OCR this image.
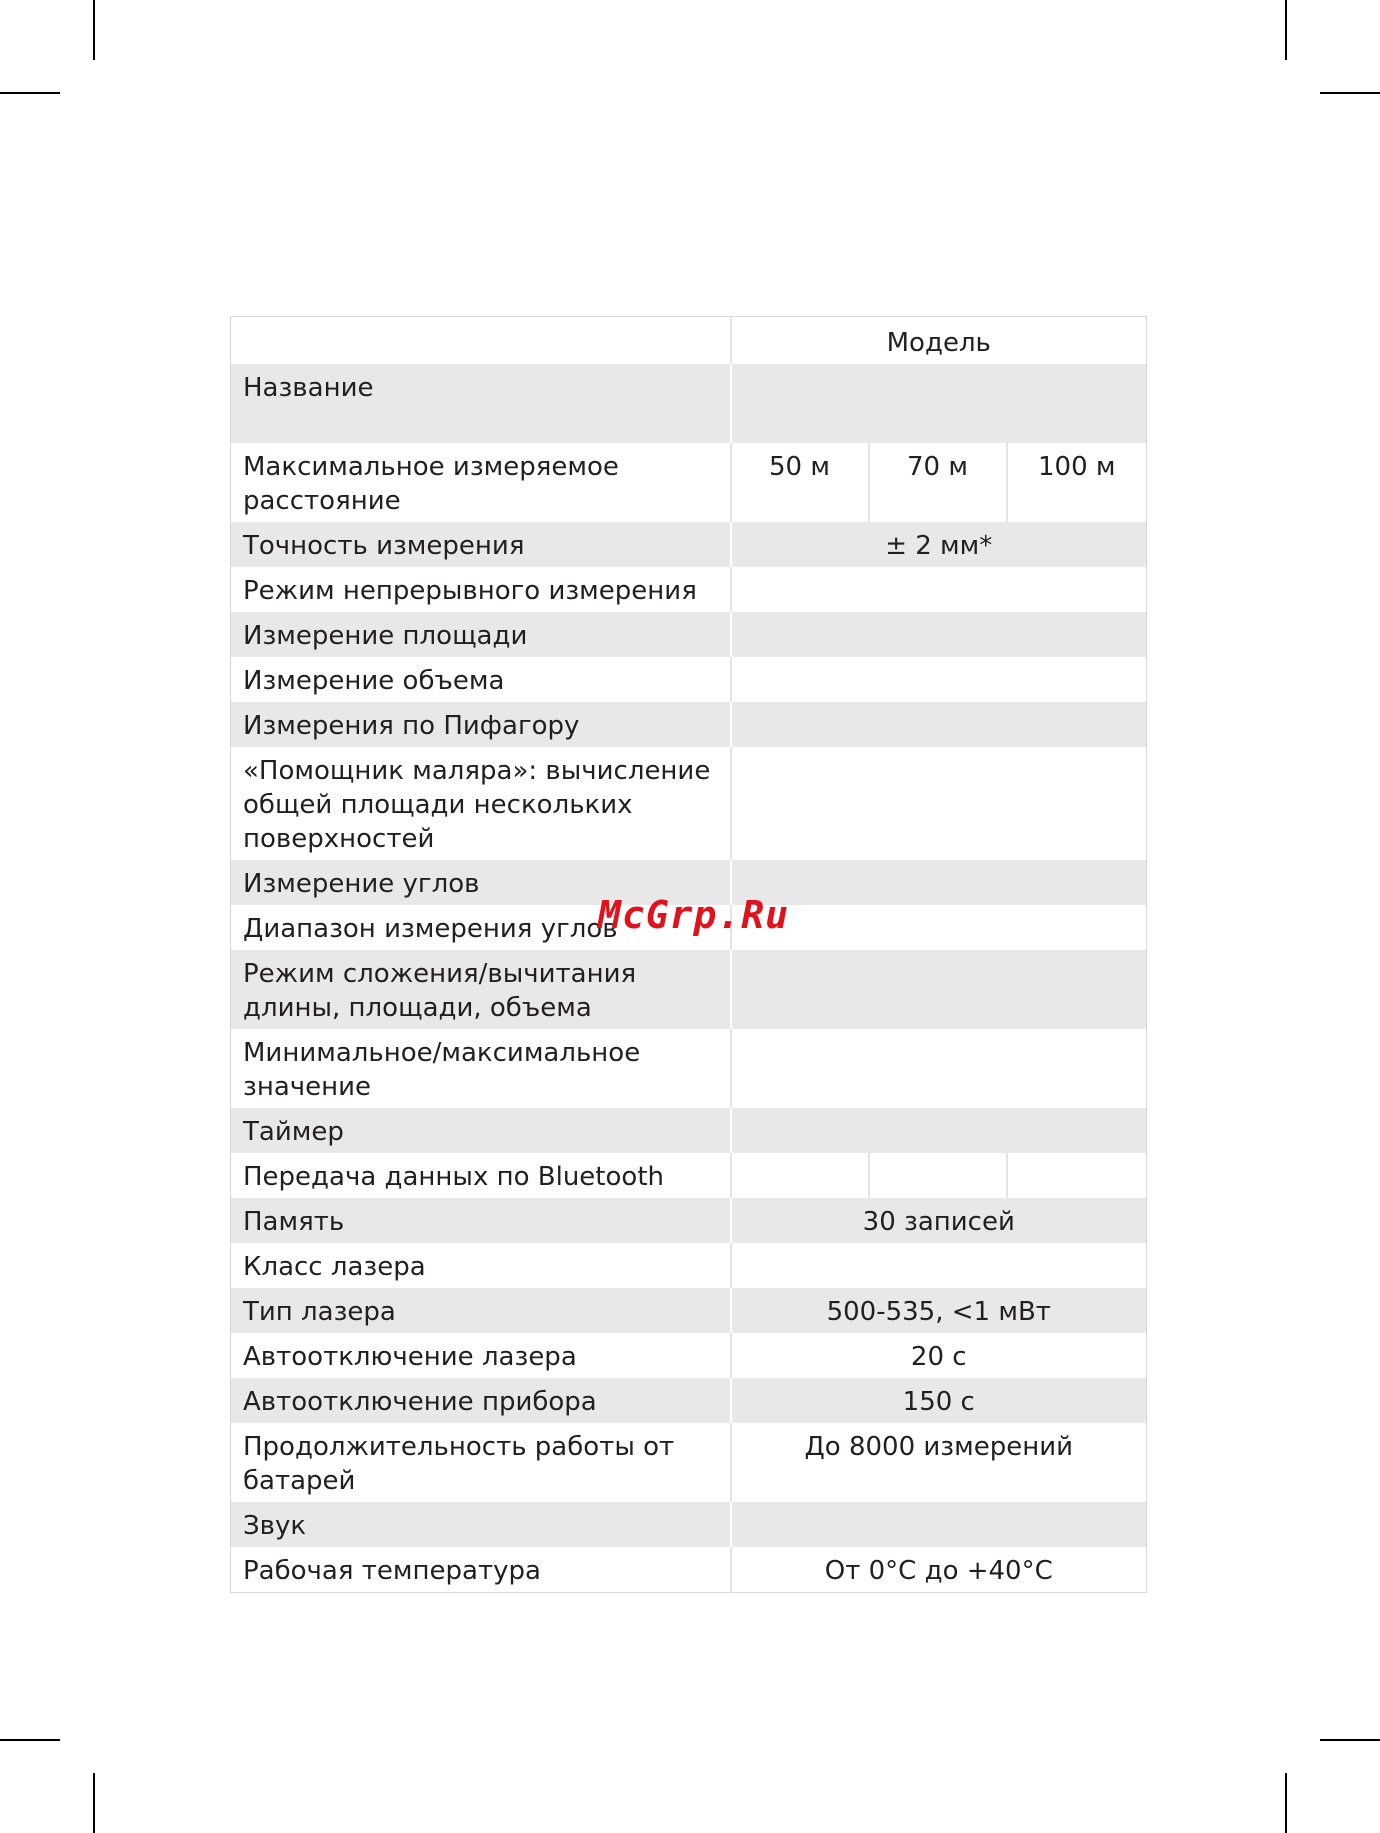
	Модель		
Название			
Максимальное измеряемое расстояние	50 м	70 м	100 м
Точность измерения	± 2 мм*		
Режим непрерывного измерения			
Измерение площади			
Измерение объема			
Измерения по Пифагору			
«Помощник маляра»: вычисление общей площади нескольких поверхностей			
Измерение углов			
Диапазон измерения углов			
Режим сложения/вычитания длины, площади, объема			
Минимальное/максимальное значение			
Таймер			
Передача данных по Bluetooth			
Память	30 записей		
Класс лазера			
Тип лазера	500-535, <1 мВт		
Автоотключение лазера	20 с		
Автоотключение прибора	150 с		
Продолжительность работы от батарей	До 8000 измерений		
Звук			
Рабочая температура	От 0°C до +40°C		
McGrp.Ru
